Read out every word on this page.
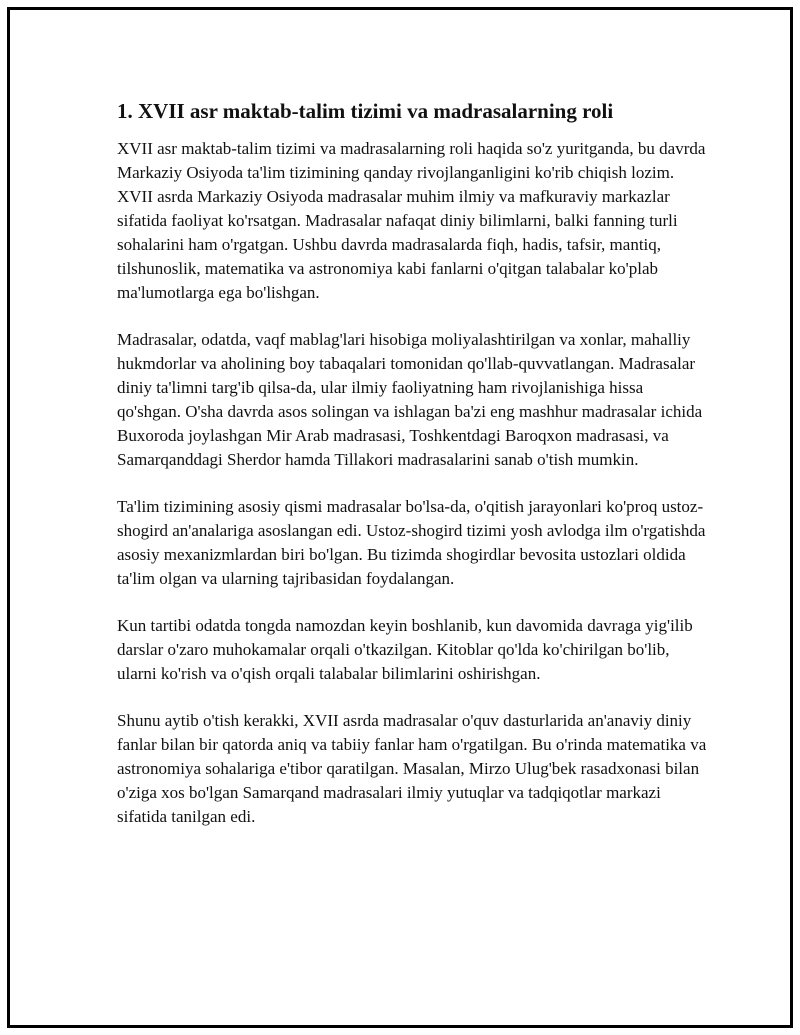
1. XVII asr maktab-talim tizimi va madrasalarning roli

XVII asr maktab-talim tizimi va madrasalarning roli haqida so'z yuritganda, bu davrda Markaziy Osiyoda ta'lim tizimining qanday rivojlanganligini ko'rib chiqish lozim. XVII asrda Markaziy Osiyoda madrasalar muhim ilmiy va mafkuraviy markazlar sifatida faoliyat ko'rsatgan. Madrasalar nafaqat diniy bilimlarni, balki fanning turli sohalarini ham o'rgatgan. Ushbu davrda madrasalarda fiqh, hadis, tafsir, mantiq, tilshunoslik, matematika va astronomiya kabi fanlarni o'qitgan talabalar ko'plab ma'lumotlarga ega bo'lishgan.

Madrasalar, odatda, vaqf mablag'lari hisobiga moliyalashtirilgan va xonlar, mahalliy hukmdorlar va aholining boy tabaqalari tomonidan qo'llab-quvvatlangan. Madrasalar diniy ta'limni targ'ib qilsa-da, ular ilmiy faoliyatning ham rivojlanishiga hissa qo'shgan. O'sha davrda asos solingan va ishlagan ba'zi eng mashhur madrasalar ichida Buxoroda joylashgan Mir Arab madrasasi, Toshkentdagi Baroqxon madrasasi, va Samarqanddagi Sherdor hamda Tillakori madrasalarini sanab o'tish mumkin.

Ta'lim tizimining asosiy qismi madrasalar bo'lsa-da, o'qitish jarayonlari ko'proq ustoz-shogird an'analariga asoslangan edi. Ustoz-shogird tizimi yosh avlodga ilm o'rgatishda asosiy mexanizmlardan biri bo'lgan. Bu tizimda shogirdlar bevosita ustozlari oldida ta'lim olgan va ularning tajribasidan foydalangan.

Kun tartibi odatda tongda namozdan keyin boshlanib, kun davomida davraga yig'ilib darslar o'zaro muhokamalar orqali o'tkazilgan. Kitoblar qo'lda ko'chirilgan bo'lib, ularni ko'rish va o'qish orqali talabalar bilimlarini oshirishgan.

Shunu aytib o'tish kerakki, XVII asrda madrasalar o'quv dasturlarida an'anaviy diniy fanlar bilan bir qatorda aniq va tabiiy fanlar ham o'rgatilgan. Bu o'rinda matematika va astronomiya sohalariga e'tibor qaratilgan. Masalan, Mirzo Ulug'bek rasadxonasi bilan o'ziga xos bo'lgan Samarqand madrasalari ilmiy yutuqlar va tadqiqotlar markazi sifatida tanilgan edi.
